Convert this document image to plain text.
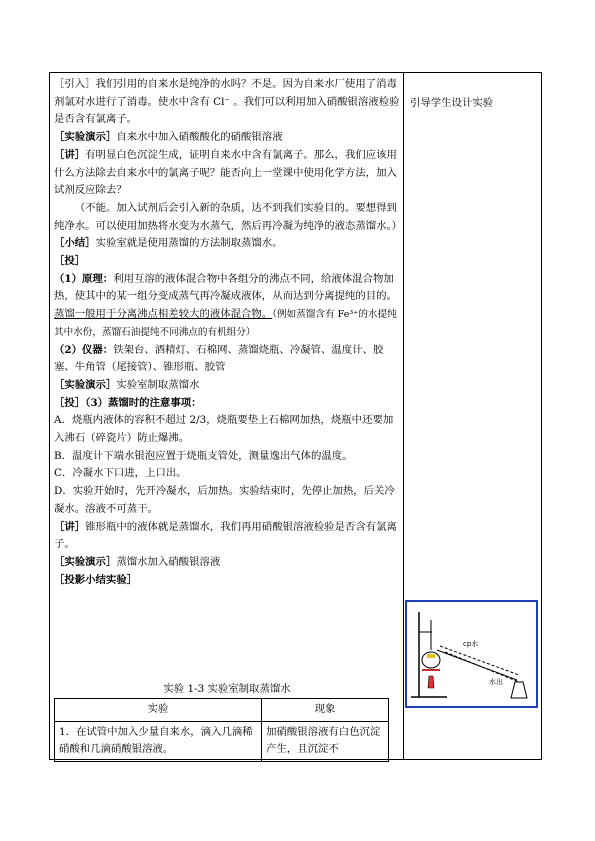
［引入］我们引用的自来水是纯净的水吗？不是。因为自来水厂使用了消毒剂氯对水进行了消毒。使水中含有 Cl⁻ 。我们可以利用加入硝酸银溶液检验是否含有氯离子。

［实验演示］自来水中加入硝酸酸化的硝酸银溶液

［讲］有明显白色沉淀生成，证明自来水中含有氯离子。那么，我们应该用什么方法除去自来水中的氯离子呢？能否向上一堂课中使用化学方法，加入试剂反应除去？

（不能。加入试剂后会引入新的杂质，达不到我们实验目的。要想得到纯净水。可以使用加热将水变为水蒸气，然后再冷凝为纯净的液态蒸馏水。）

［小结］实验室就是使用蒸馏的方法制取蒸馏水。

［投］

（1）原理：利用互溶的液体混合物中各组分的沸点不同，给液体混合物加热，使其中的某一组分变成蒸气再冷凝成液体，从而达到分离提纯的目的。蒸馏一般用于分离沸点相差较大的液体混合物。（例如蒸馏含有 Fe³⁺的水提纯其中水份，蒸馏石油提纯不同沸点的有机组分）

（2）仪器：铁架台、酒精灯、石棉网、蒸馏烧瓶、冷凝管、温度计、胶塞、牛角管（尾接管）、锥形瓶、胶管

［实验演示］实验室制取蒸馏水

［投］（3）蒸馏时的注意事项：

A．烧瓶内液体的容积不超过 2/3，烧瓶要垫上石棉网加热，烧瓶中还要加入沸石（碎瓷片）防止爆沸。

B．温度计下端水银泡应置于烧瓶支管处，测量逸出气体的温度。

C．冷凝水下口进，上口出。

D．实验开始时，先开冷凝水，后加热。实验结束时，先停止加热，后关冷凝水。溶液不可蒸干。

［讲］锥形瓶中的液体就是蒸馏水，我们再用硝酸银溶液检验是否含有氯离子。

［实验演示］蒸馏水加入硝酸银溶液

［投影小结实验］

引导学生设计实验
cp水
水出
实验 1-3 实验室制取蒸馏水
实验	现象
1．在试管中加入少量自来水，滴入几滴稀硝酸和几滴硝酸银溶液。	加硝酸银溶液有白色沉淀产生，且沉淀不
